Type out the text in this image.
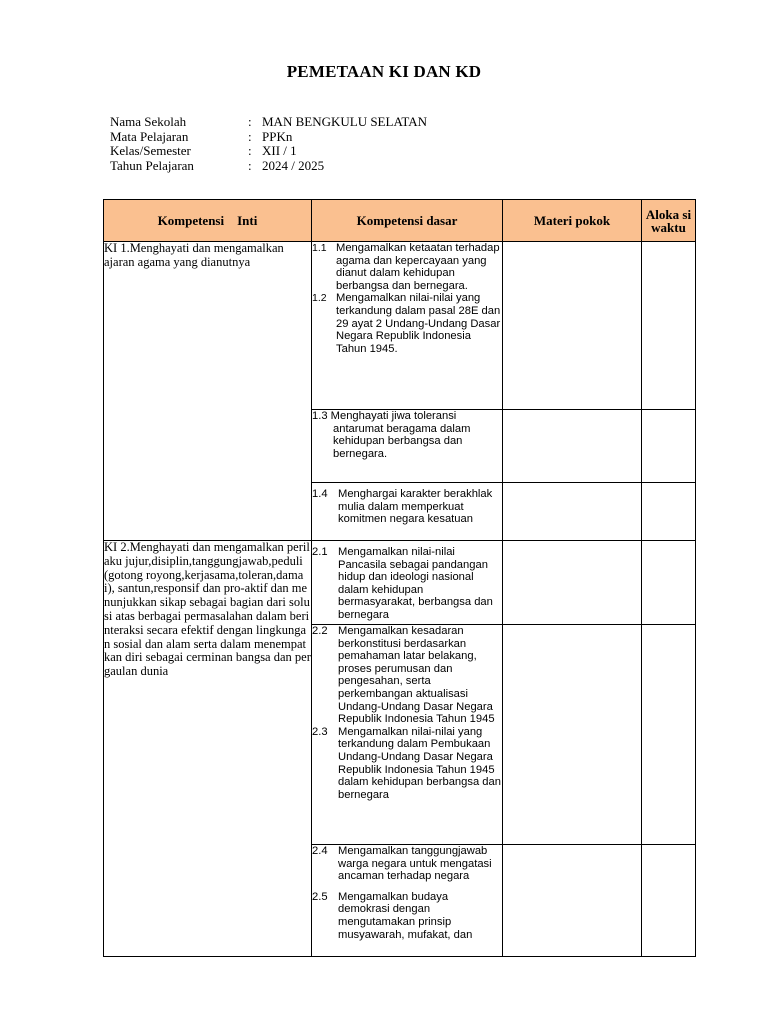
PEMETAAN KI DAN KD
Nama Sekolah	: MAN BENGKULU SELATAN
Mata Pelajaran	: PPKn
Kelas/Semester	: XII / 1
Tahun Pelajaran	: 2024 / 2025
Kompetensi    Inti	Kompetensi dasar	Materi pokok	Aloka si waktu
KI 1.Menghayati dan mengamalkan ajaran agama yang dianutnya	1.1 Mengamalkan ketaatan terhadap agama dan kepercayaan yang dianut dalam kehidupan berbangsa dan bernegara.
1.2 Mengamalkan nilai-nilai yang terkandung dalam pasal 28E dan 29 ayat 2 Undang-Undang Dasar Negara Republik Indonesia Tahun 1945.		

	1.3 Menghayati jiwa toleransi antarumat beragama dalam kehidupan berbangsa dan bernegara.		

	1.4 Menghargai karakter berakhlak mulia dalam memperkuat komitmen negara kesatuan		

KI 2.Menghayati dan mengamalkan perilaku jujur,disiplin,tanggungjawab,peduli (gotong royong,kerjasama,toleran,damai), santun,responsif dan pro-aktif dan menunjukkan sikap sebagai bagian dari solusi atas berbagai permasalahan dalam berinteraksi secara efektif dengan lingkungan sosial dan alam serta dalam menempatkan diri sebagai cerminan bangsa dan pergaulan dunia	2.1 Mengamalkan nilai-nilai Pancasila sebagai pandangan hidup dan ideologi nasional dalam kehidupan bermasyarakat, berbangsa dan bernegara		

	2.2 Mengamalkan kesadaran berkonstitusi berdasarkan pemahaman latar belakang, proses perumusan dan pengesahan, serta perkembangan aktualisasi Undang-Undang Dasar Negara Republik Indonesia Tahun 1945
2.3 Mengamalkan nilai-nilai yang terkandung dalam Pembukaan Undang-Undang Dasar Negara Republik Indonesia Tahun 1945 dalam kehidupan berbangsa dan bernegara		

	2.4 Mengamalkan tanggungjawab warga negara untuk mengatasi ancaman terhadap negara
2.5 Mengamalkan budaya demokrasi dengan mengutamakan prinsip musyawarah, mufakat, dan		
